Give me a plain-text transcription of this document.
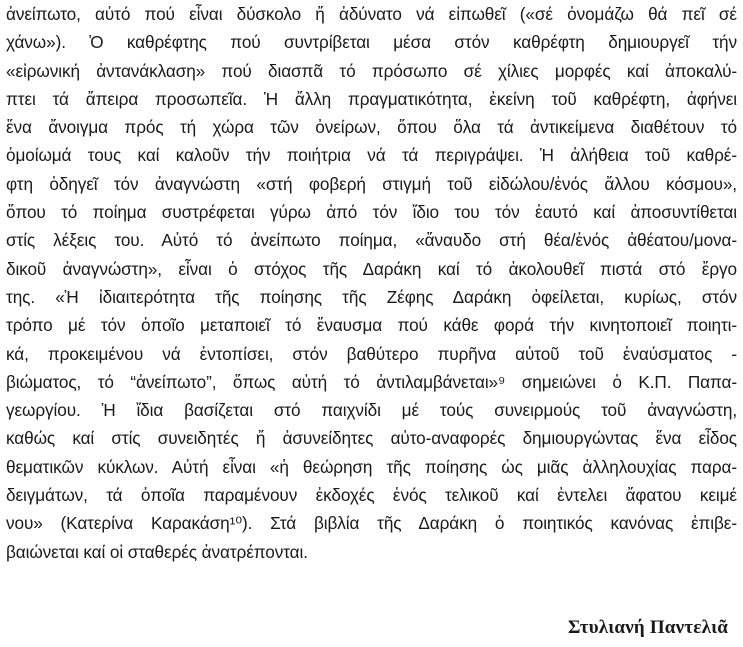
ἀνείπωτο, αὐτό πού εἶναι δύσκολο ἤ ἀδύνατο νά εἰπωθεῖ («σέ ὀνομάζω θά πεῖ σέ
χάνω»). Ὁ καθρέφτης πού συντρίβεται μέσα στόν καθρέφτη δημιουργεῖ τήν
«εἰρωνική ἀντανάκλαση» πού διασπᾶ τό πρόσωπο σέ χίλιες μορφές καί ἀποκαλύ-
πτει τά ἄπειρα προσωπεῖα. Ἡ ἄλλη πραγματικότητα, ἐκείνη τοῦ καθρέφτη, ἀφήνει
ἕνα ἄνοιγμα πρός τή χώρα τῶν ὀνείρων, ὅπου ὅλα τά ἀντικείμενα διαθέτουν τό
ὁμοίωμά τους καί καλοῦν τήν ποιήτρια νά τά περιγράψει. Ἡ ἀλήθεια τοῦ καθρέ-
φτη ὁδηγεῖ τόν ἀναγνώστη «στή φοβερή στιγμή τοῦ εἰδώλου/ἑνός ἄλλου κόσμου»,
ὅπου τό ποίημα συστρέφεται γύρω ἀπό τόν ἴδιο του τόν ἑαυτό καί ἀποσυντίθεται
στίς λέξεις του. Αὐτό τό ἀνείπωτο ποίημα, «ἄναυδο στή θέα/ἑνός ἀθέατου/μονα-
δικοῦ ἀναγνώστη», εἶναι ὁ στόχος τῆς Δαράκη καί τό ἀκολουθεῖ πιστά στό ἔργο
της. «Ἡ ἰδιαιτερότητα τῆς ποίησης τῆς Ζέφης Δαράκη ὀφείλεται, κυρίως, στόν
τρόπο μέ τόν ὁποῖο μεταποιεῖ τό ἔναυσμα πού κάθε φορά τήν κινητοποιεῖ ποιητι-
κά, προκειμένου νά ἐντοπίσει, στόν βαθύτερο πυρῆνα αὐτοῦ τοῦ ἐναύσματος -
βιώματος, τό “ἀνείπωτο”, ὅπως αὐτή τό ἀντιλαμβάνεται»⁹ σημειώνει ὁ Κ.Π. Παπα-
γεωργίου. Ἡ ἴδια βασίζεται στό παιχνίδι μέ τούς συνειρμούς τοῦ ἀναγνώστη,
καθώς καί στίς συνειδητές ἤ ἀσυνείδητες αὐτο-αναφορές δημιουργώντας ἕνα εἶδος
θεματικῶν κύκλων. Αὐτή εἶναι «ἡ θεώρηση τῆς ποίησης ὡς μιᾶς ἀλληλουχίας παρα-
δειγμάτων, τά ὁποῖα παραμένουν ἐκδοχές ἑνός τελικοῦ καί ἐντελει ἄφατου κειμέ
νου» (Κατερίνα Καρακάση¹⁰). Στά βιβλία τῆς Δαράκη ὁ ποιητικός κανόνας ἐπιβε-
βαιώνεται καί οἱ σταθερές ἀνατρέπονται.
Στυλιανή Παντελιᾶ
